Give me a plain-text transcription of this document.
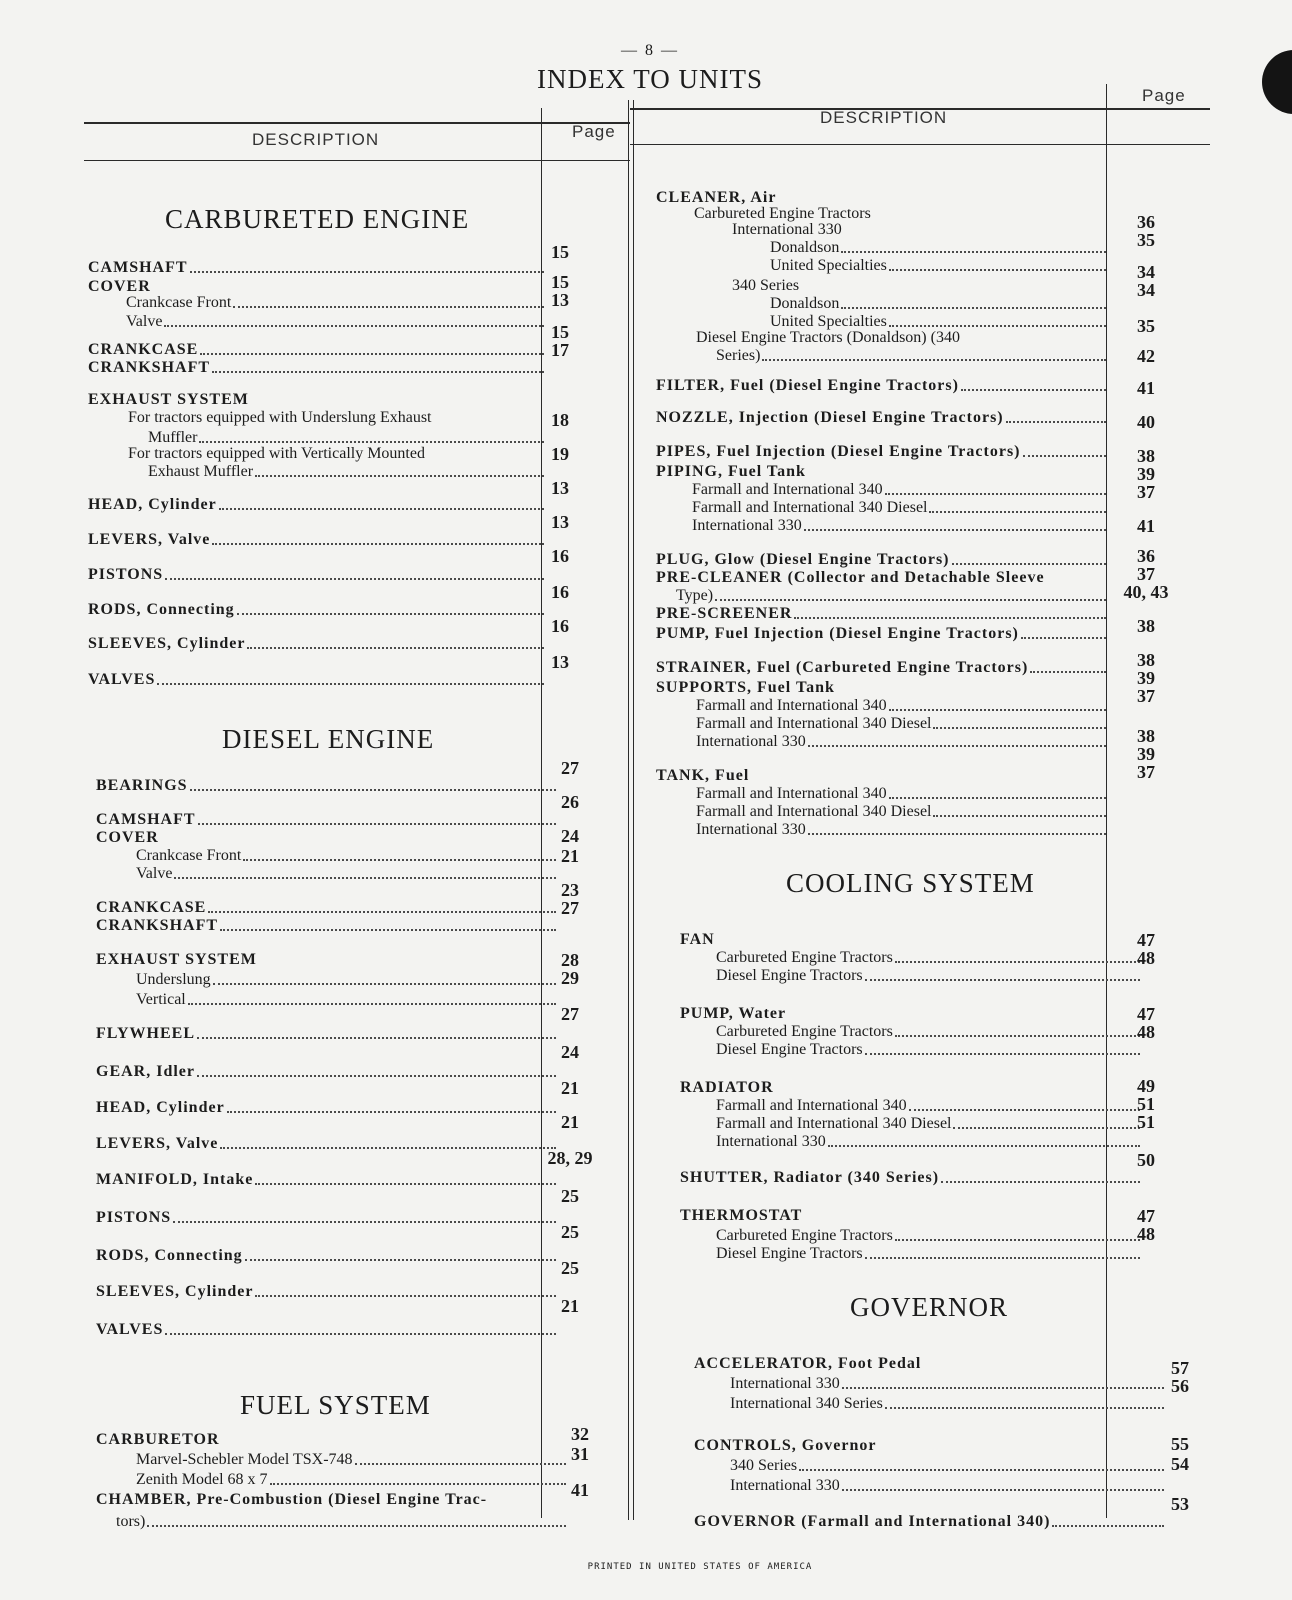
— 8 —
INDEX TO UNITS
DESCRIPTION	Page
DESCRIPTION
Page
CARBURETED ENGINE
DIESEL ENGINE
FUEL SYSTEM
COOLING SYSTEM
GOVERNOR
CAMSHAFT
15
COVER
Crankcase Front
15
Valve
13
CRANKCASE
15
CRANKSHAFT
17
EXHAUST SYSTEM
For tractors equipped with Underslung Exhaust
Muffler
18
For tractors equipped with Vertically Mounted
Exhaust Muffler
19
HEAD, Cylinder
13
LEVERS, Valve
13
PISTONS
16
RODS, Connecting
16
SLEEVES, Cylinder
16
VALVES
13
BEARINGS
27
CAMSHAFT
26
COVER
Crankcase Front
24
Valve
21
CRANKCASE
23
CRANKSHAFT
27
EXHAUST SYSTEM
Underslung
28
Vertical
29
FLYWHEEL
27
GEAR, Idler
24
HEAD, Cylinder
21
LEVERS, Valve
21
MANIFOLD, Intake
28, 29
PISTONS
25
RODS, Connecting
25
SLEEVES, Cylinder
25
VALVES
21
CARBURETOR
Marvel-Schebler Model TSX-748
32
Zenith Model 68 x 7
31
CHAMBER, Pre-Combustion (Diesel Engine Trac-
tors)
41
CLEANER, Air
Carbureted Engine Tractors
International 330
Donaldson
36
United Specialties
35
340 Series
Donaldson
34
United Specialties
34
Diesel Engine Tractors (Donaldson) (340
Series)
35
FILTER, Fuel (Diesel Engine Tractors)
42
NOZZLE, Injection (Diesel Engine Tractors)
41
PIPES, Fuel Injection (Diesel Engine Tractors)
40
PIPING, Fuel Tank
Farmall and International 340
38
Farmall and International 340 Diesel
39
International 330
37
PLUG, Glow (Diesel Engine Tractors)
41
PRE-CLEANER (Collector and Detachable Sleeve
Type)
36
PRE-SCREENER
37
PUMP, Fuel Injection (Diesel Engine Tractors)
40, 43
STRAINER, Fuel (Carbureted Engine Tractors)
38
SUPPORTS, Fuel Tank
Farmall and International 340
38
Farmall and International 340 Diesel
39
International 330
37
TANK, Fuel
Farmall and International 340
38
Farmall and International 340 Diesel
39
International 330
37
FAN
Carbureted Engine Tractors
47
Diesel Engine Tractors
48
PUMP, Water
Carbureted Engine Tractors
47
Diesel Engine Tractors
48
RADIATOR
Farmall and International 340
49
Farmall and International 340 Diesel
51
International 330
51
SHUTTER, Radiator (340 Series)
50
THERMOSTAT
Carbureted Engine Tractors
47
Diesel Engine Tractors
48
ACCELERATOR, Foot Pedal
International 330
57
International 340 Series
56
CONTROLS, Governor
340 Series
55
International 330
54
GOVERNOR (Farmall and International 340)
53
PRINTED IN UNITED STATES OF AMERICA
